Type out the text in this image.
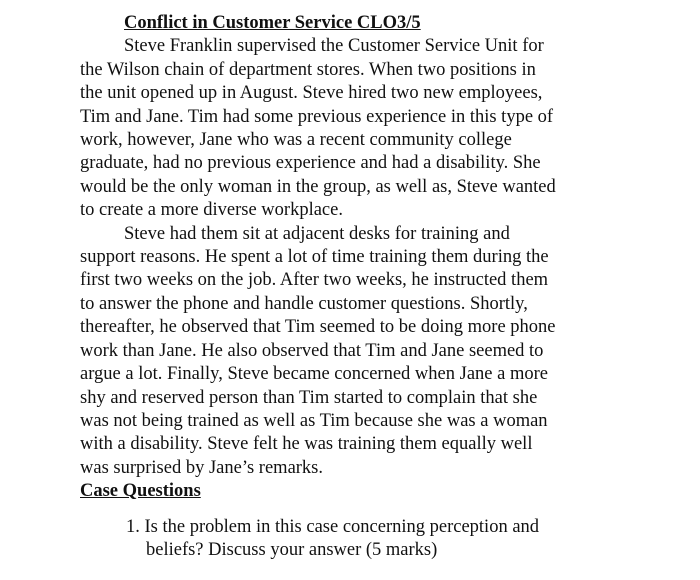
Conflict in Customer Service CLO3/5
Steve Franklin supervised the Customer Service Unit for
the Wilson chain of department stores. When two positions in
the unit opened up in August. Steve hired two new employees,
Tim and Jane. Tim had some previous experience in this type of
work, however, Jane who was a recent community college
graduate, had no previous experience and had a disability. She
would be the only woman in the group, as well as, Steve wanted
to create a more diverse workplace.
Steve had them sit at adjacent desks for training and
support reasons. He spent a lot of time training them during the
first two weeks on the job. After two weeks, he instructed them
to answer the phone and handle customer questions. Shortly,
thereafter, he observed that Tim seemed to be doing more phone
work than Jane. He also observed that Tim and Jane seemed to
argue a lot. Finally, Steve became concerned when Jane a more
shy and reserved person than Tim started to complain that she
was not being trained as well as Tim because she was a woman
with a disability. Steve felt he was training them equally well
was surprised by Jane’s remarks.
Case Questions
1. Is the problem in this case concerning perception and
beliefs? Discuss your answer (5 marks)
